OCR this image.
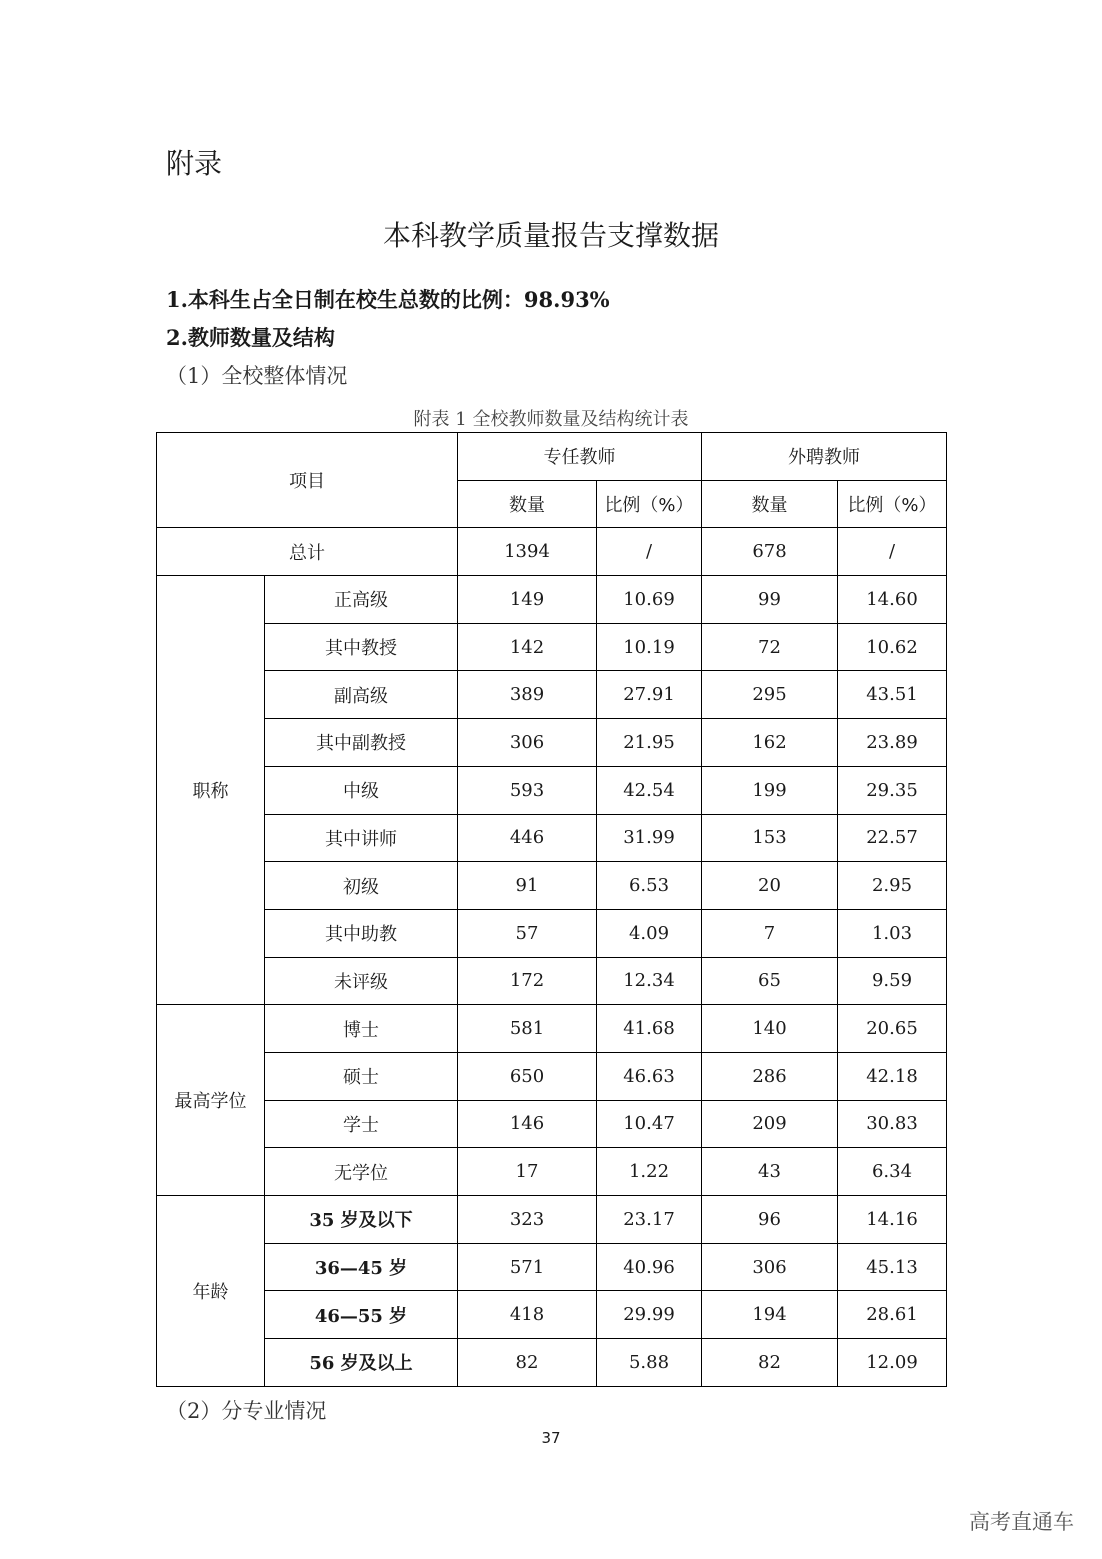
附录
本科教学质量报告支撑数据
1.本科生占全日制在校生总数的比例：98.93%
2.教师数量及结构
（1）全校整体情况
附表 1 全校教师数量及结构统计表
项目		专任教师		外聘教师	
		数量	比例（%）	数量	比例（%）
总计		1394	/	678	/
职称	正高级	149	10.69	99	14.60
	其中教授	142	10.19	72	10.62
	副高级	389	27.91	295	43.51
	其中副教授	306	21.95	162	23.89
	中级	593	42.54	199	29.35
	其中讲师	446	31.99	153	22.57
	初级	91	6.53	20	2.95
	其中助教	57	4.09	7	1.03
	未评级	172	12.34	65	9.59
最高学位	博士	581	41.68	140	20.65
	硕士	650	46.63	286	42.18
	学士	146	10.47	209	30.83
	无学位	17	1.22	43	6.34
年龄	35 岁及以下	323	23.17	96	14.16
	36—45 岁	571	40.96	306	45.13
	46—55 岁	418	29.99	194	28.61
	56 岁及以上	82	5.88	82	12.09
（2）分专业情况
37
高考直通车
